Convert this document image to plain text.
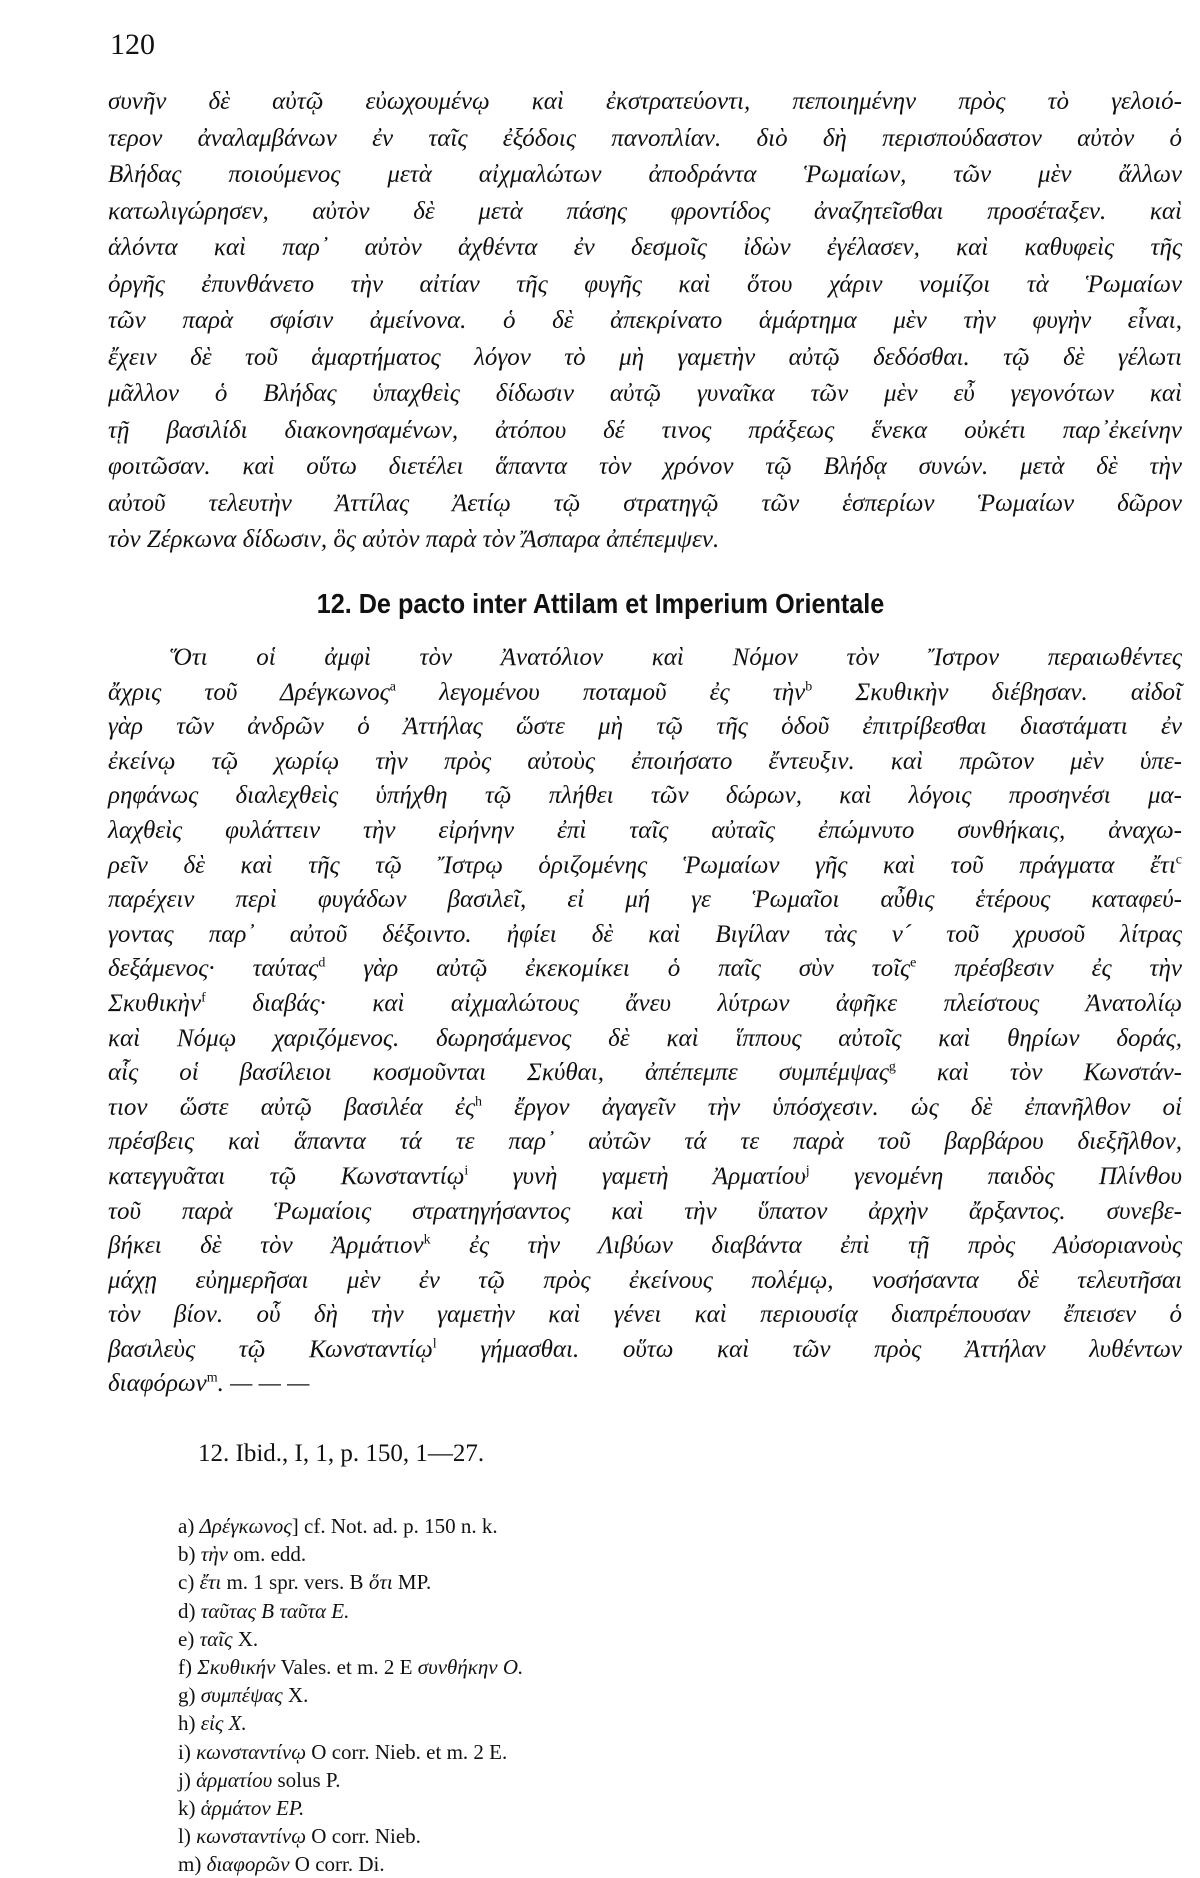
120
συνῆν δὲ αὐτῷ εὐωχουμένῳ καὶ ἐκστρατεύοντι, πεποιημένην πρὸς τὸ γελοιό-
τερον ἀναλαμβάνων ἐν ταῖς ἐξόδοις πανοπλίαν. διὸ δὴ περισπούδαστον αὐτὸν ὁ
Βλήδας ποιούμενος μετὰ αἰχμαλώτων ἀποδράντα Ῥωμαίων, τῶν μὲν ἄλλων
κατωλιγώρησεν, αὐτὸν δὲ μετὰ πάσης φροντίδος ἀναζητεῖσθαι προσέταξεν. καὶ
ἁλόντα καὶ παρ᾽ αὐτὸν ἀχθέντα ἐν δεσμοῖς ἰδὼν ἐγέλασεν, καὶ καθυφεὶς τῆς
ὀργῆς ἐπυνθάνετο τὴν αἰτίαν τῆς φυγῆς καὶ ὅτου χάριν νομίζοι τὰ Ῥωμαίων
τῶν παρὰ σφίσιν ἀμείνονα. ὁ δὲ ἀπεκρίνατο ἁμάρτημα μὲν τὴν φυγὴν εἶναι,
ἔχειν δὲ τοῦ ἁμαρτήματος λόγον τὸ μὴ γαμετὴν αὐτῷ δεδόσθαι. τῷ δὲ γέλωτι
μᾶλλον ὁ Βλήδας ὑπαχθεὶς δίδωσιν αὐτῷ γυναῖκα τῶν μὲν εὖ γεγονότων καὶ
τῇ βασιλίδι διακονησαμένων, ἀτόπου δέ τινος πράξεως ἕνεκα οὐκέτι παρ᾽ἐκείνην
φοιτῶσαν. καὶ οὕτω διετέλει ἅπαντα τὸν χρόνον τῷ Βλήδᾳ συνών. μετὰ δὲ τὴν
αὐτοῦ τελευτὴν Ἀττίλας Ἀετίῳ τῷ στρατηγῷ τῶν ἑσπερίων Ῥωμαίων δῶρον
τὸν Ζέρκωνα δίδωσιν, ὃς αὐτὸν παρὰ τὸν Ἄσπαρα ἀπέπεμψεν.
12. De pacto inter Attilam et Imperium Orientale
Ὅτι οἱ ἀμφὶ τὸν Ἀνατόλιον καὶ Νόμον τὸν Ἴστρον περαιωθέντες
ἄχρις τοῦ Δρέγκωνος$^a$ λεγομένου ποταμοῦ ἐς τὴν$^b$ Σκυθικὴν διέβησαν. αἰδοῖ
γὰρ τῶν ἀνδρῶν ὁ Ἀττήλας ὥστε μὴ τῷ τῆς ὁδοῦ ἐπιτρίβεσθαι διαστάματι ἐν
ἐκείνῳ τῷ χωρίῳ τὴν πρὸς αὐτοὺς ἐποιήσατο ἔντευξιν. καὶ πρῶτον μὲν ὑπε-
ρηφάνως διαλεχθεὶς ὑπήχθη τῷ πλήθει τῶν δώρων, καὶ λόγοις προσηνέσι μα-
λαχθεὶς φυλάττειν τὴν εἰρήνην ἐπὶ ταῖς αὐταῖς ἐπώμνυτο συνθήκαις, ἀναχω-
ρεῖν δὲ καὶ τῆς τῷ Ἴστρῳ ὁριζομένης Ῥωμαίων γῆς καὶ τοῦ πράγματα ἔτι$^c$
παρέχειν περὶ φυγάδων βασιλεῖ, εἰ μή γε Ῥωμαῖοι αὖθις ἑτέρους καταφεύ-
γοντας παρ᾽ αὐτοῦ δέξοιντο. ἠφίει δὲ καὶ Βιγίλαν τὰς ν´ τοῦ χρυσοῦ λίτρας
δεξάμενος· ταύτας$^d$ γὰρ αὐτῷ ἐκεκομίκει ὁ παῖς σὺν τοῖς$^e$ πρέσβεσιν ἐς τὴν
Σκυθικὴν$^f$ διαβάς· καὶ αἰχμαλώτους ἄνευ λύτρων ἀφῆκε πλείστους Ἀνατολίῳ
καὶ Νόμῳ χαριζόμενος. δωρησάμενος δὲ καὶ ἵππους αὐτοῖς καὶ θηρίων δοράς,
αἷς οἱ βασίλειοι κοσμοῦνται Σκύθαι, ἀπέπεμπε συμπέμψας$^g$ καὶ τὸν Κωνστάν-
τιον ὥστε αὐτῷ βασιλέα ἐς$^h$ ἔργον ἀγαγεῖν τὴν ὑπόσχεσιν. ὡς δὲ ἐπανῆλθον οἱ
πρέσβεις καὶ ἅπαντα τά τε παρ᾽ αὐτῶν τά τε παρὰ τοῦ βαρβάρου διεξῆλθον,
κατεγγυᾶται τῷ Κωνσταντίῳ$^i$ γυνὴ γαμετὴ Ἀρματίου$^j$ γενομένη παιδὸς Πλίνθου
τοῦ παρὰ Ῥωμαίοις στρατηγήσαντος καὶ τὴν ὕπατον ἀρχὴν ἄρξαντος. συνεβε-
βήκει δὲ τὸν Ἀρμάτιον$^k$ ἐς τὴν Λιβύων διαβάντα ἐπὶ τῇ πρὸς Αὐσοριανοὺς
μάχῃ εὐημερῆσαι μὲν ἐν τῷ πρὸς ἐκείνους πολέμῳ, νοσήσαντα δὲ τελευτῆσαι
τὸν βίον. οὗ δὴ τὴν γαμετὴν καὶ γένει καὶ περιουσίᾳ διαπρέπουσαν ἔπεισεν ὁ
βασιλεὺς τῷ Κωνσταντίῳ$^l$ γήμασθαι. οὕτω καὶ τῶν πρὸς Ἀττήλαν λυθέντων
διαφόρων$^m$. — — —
12. Ibid., I, 1, p. 150, 1—27.
a) Δρέγκωνος] cf. Not. ad. p. 150 n. k.
b) τὴν om. edd.
c) ἔτι m. 1 spr. vers. B ὅτι MP.
d) ταῦτας B ταῦτα E.
e) ταῖς X.
f) Σκυθικήν Vales. et m. 2 E συνθήκην O.
g) συμπέψας X.
h) εἰς X.
i) κωνσταντίνῳ O corr. Nieb. et m. 2 E.
j) ἁρματίου solus P.
k) ἁρμάτον EP.
l) κωνσταντίνῳ O corr. Nieb.
m) διαφορῶν O corr. Di.
